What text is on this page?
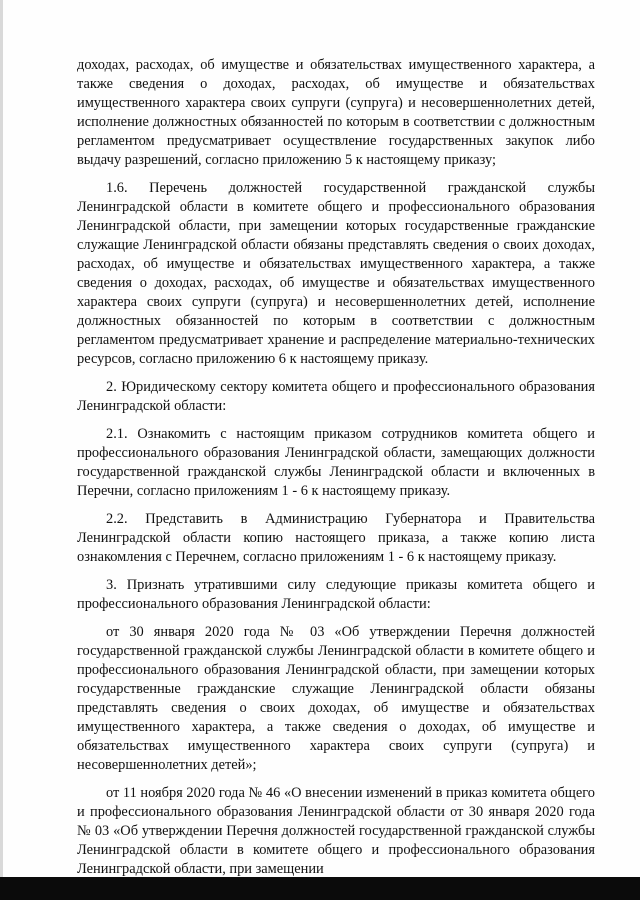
доходах, расходах, об имуществе и обязательствах имущественного характера, а также сведения о доходах, расходах, об имуществе и обязательствах имущественного характера своих супруги (супруга) и несовершеннолетних детей, исполнение должностных обязанностей по которым в соответствии с должностным регламентом предусматривает осуществление государственных закупок либо выдачу разрешений, согласно приложению 5 к настоящему приказу;

1.6. Перечень должностей государственной гражданской службы Ленинградской области в комитете общего и профессионального образования Ленинградской области, при замещении которых государственные гражданские служащие Ленинградской области обязаны представлять сведения о своих доходах, расходах, об имуществе и обязательствах имущественного характера, а также сведения о доходах, расходах, об имуществе и обязательствах имущественного характера своих супруги (супруга) и несовершеннолетних детей, исполнение должностных обязанностей по которым в соответствии с должностным регламентом предусматривает хранение и распределение материально-технических ресурсов, согласно приложению 6 к настоящему приказу.

2. Юридическому сектору комитета общего и профессионального образования Ленинградской области:

2.1. Ознакомить с настоящим приказом сотрудников комитета общего и профессионального образования Ленинградской области, замещающих должности государственной гражданской службы Ленинградской области и включенных в Перечни, согласно приложениям 1 - 6 к настоящему приказу.

2.2. Представить в Администрацию Губернатора и Правительства Ленинградской области копию настоящего приказа, а также копию листа ознакомления с Перечнем, согласно приложениям 1 - 6 к настоящему приказу.

3. Признать утратившими силу следующие приказы комитета общего и профессионального образования Ленинградской области:

от 30 января 2020 года № 03 «Об утверждении Перечня должностей государственной гражданской службы Ленинградской области в комитете общего и профессионального образования Ленинградской области, при замещении которых государственные гражданские служащие Ленинградской области обязаны представлять сведения о своих доходах, об имуществе и обязательствах имущественного характера, а также сведения о доходах, об имуществе и обязательствах имущественного характера своих супруги (супруга) и несовершеннолетних детей»;

от 11 ноября 2020 года № 46 «О внесении изменений в приказ комитета общего и профессионального образования Ленинградской области от 30 января 2020 года № 03 «Об утверждении Перечня должностей государственной гражданской службы Ленинградской области в комитете общего и профессионального образования Ленинградской области, при замещении
